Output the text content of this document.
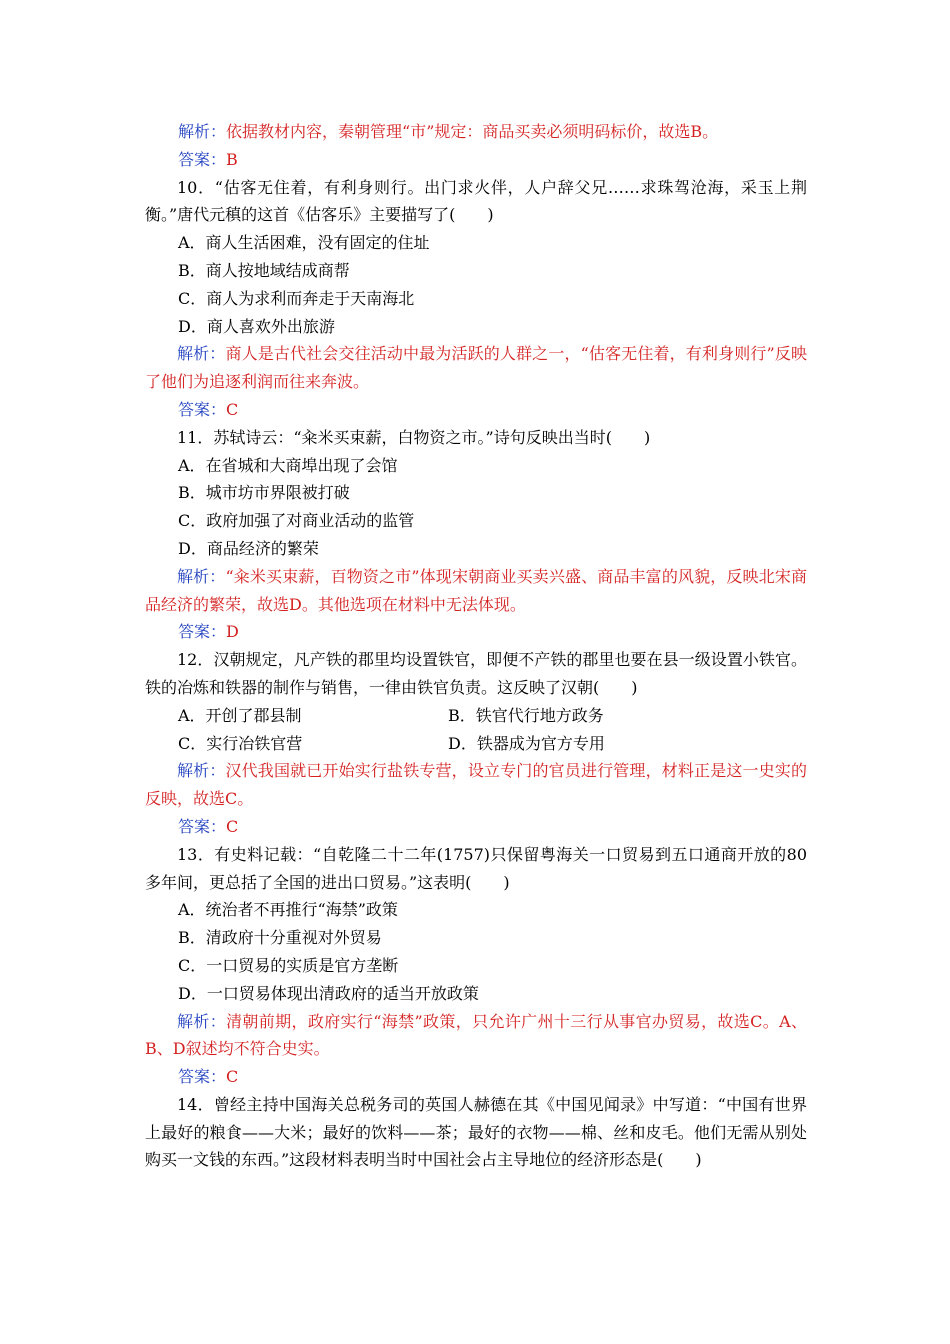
解析：依据教材内容，秦朝管理“市”规定：商品买卖必须明码标价，故选B。
答案：B

10．“估客无住着，有利身则行。出门求火伴，人户辞父兄……求珠驾沧海，采玉上荆衡。”唐代元稹的这首《估客乐》主要描写了(　　)

A．商人生活困难，没有固定的住址
B．商人按地域结成商帮
C．商人为求利而奔走于天南海北
D．商人喜欢外出旅游

解析：商人是古代社会交往活动中最为活跃的人群之一，“估客无住着，有利身则行”反映了他们为追逐利润而往来奔波。

答案：C

11．苏轼诗云：“籴米买束薪，白物资之市。”诗句反映出当时(　　)

A．在省城和大商埠出现了会馆
B．城市坊市界限被打破
C．政府加强了对商业活动的监管
D．商品经济的繁荣

解析：“籴米买束薪，百物资之市”体现宋朝商业买卖兴盛、商品丰富的风貌，反映北宋商品经济的繁荣，故选D。其他选项在材料中无法体现。

答案：D

12．汉朝规定，凡产铁的郡里均设置铁官，即便不产铁的郡里也要在县一级设置小铁官。铁的冶炼和铁器的制作与销售，一律由铁官负责。这反映了汉朝(　　)

A．开创了郡县制	B．铁官代行地方政务
C．实行冶铁官营	D．铁器成为官方专用

解析：汉代我国就已开始实行盐铁专营，设立专门的官员进行管理，材料正是这一史实的反映，故选C。

答案：C

13．有史料记载：“自乾隆二十二年(1757)只保留粤海关一口贸易到五口通商开放的80多年间，更总括了全国的进出口贸易。”这表明(　　)

A．统治者不再推行“海禁”政策
B．清政府十分重视对外贸易
C．一口贸易的实质是官方垄断
D．一口贸易体现出清政府的适当开放政策

解析：清朝前期，政府实行“海禁”政策，只允许广州十三行从事官办贸易，故选C。A、B、D叙述均不符合史实。

答案：C

14．曾经主持中国海关总税务司的英国人赫德在其《中国见闻录》中写道：“中国有世界上最好的粮食——大米；最好的饮料——茶；最好的衣物——棉、丝和皮毛。他们无需从别处购买一文钱的东西。”这段材料表明当时中国社会占主导地位的经济形态是(　　)
